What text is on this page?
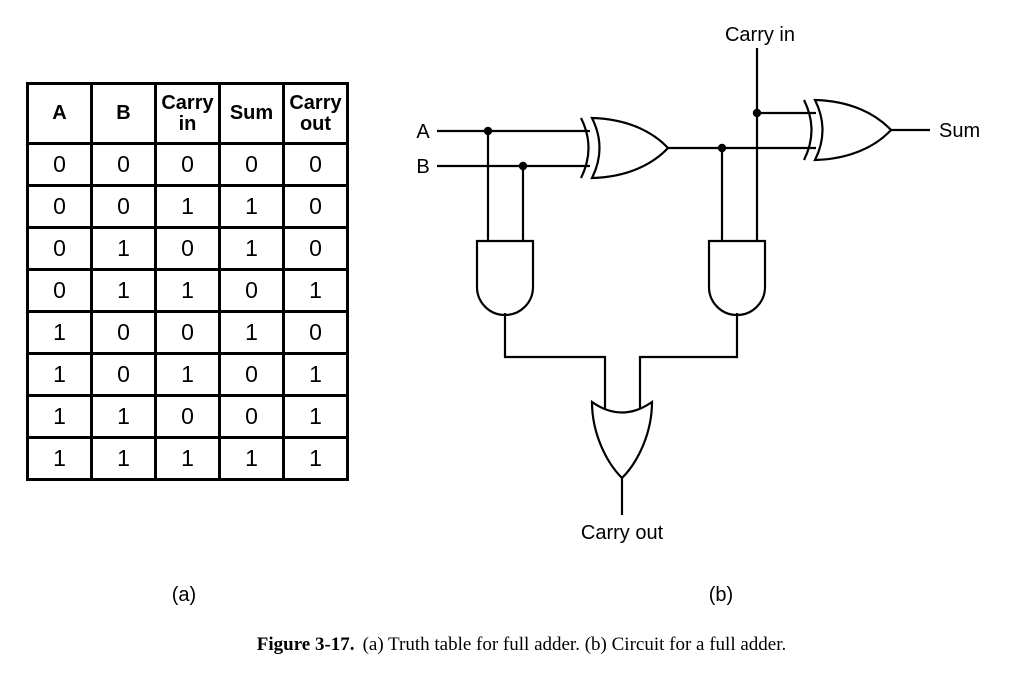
A	B	Carry in	Sum	Carry out
0	0	0	0	0
0	0	1	1	0
0	1	0	1	0
0	1	1	0	1
1	0	0	1	0
1	0	1	0	1
1	1	0	0	1
1	1	1	1	1
A
B
Carry in
Sum
Carry out
(a)	(b)
Figure 3-17. (a) Truth table for full adder. (b) Circuit for a full adder.
